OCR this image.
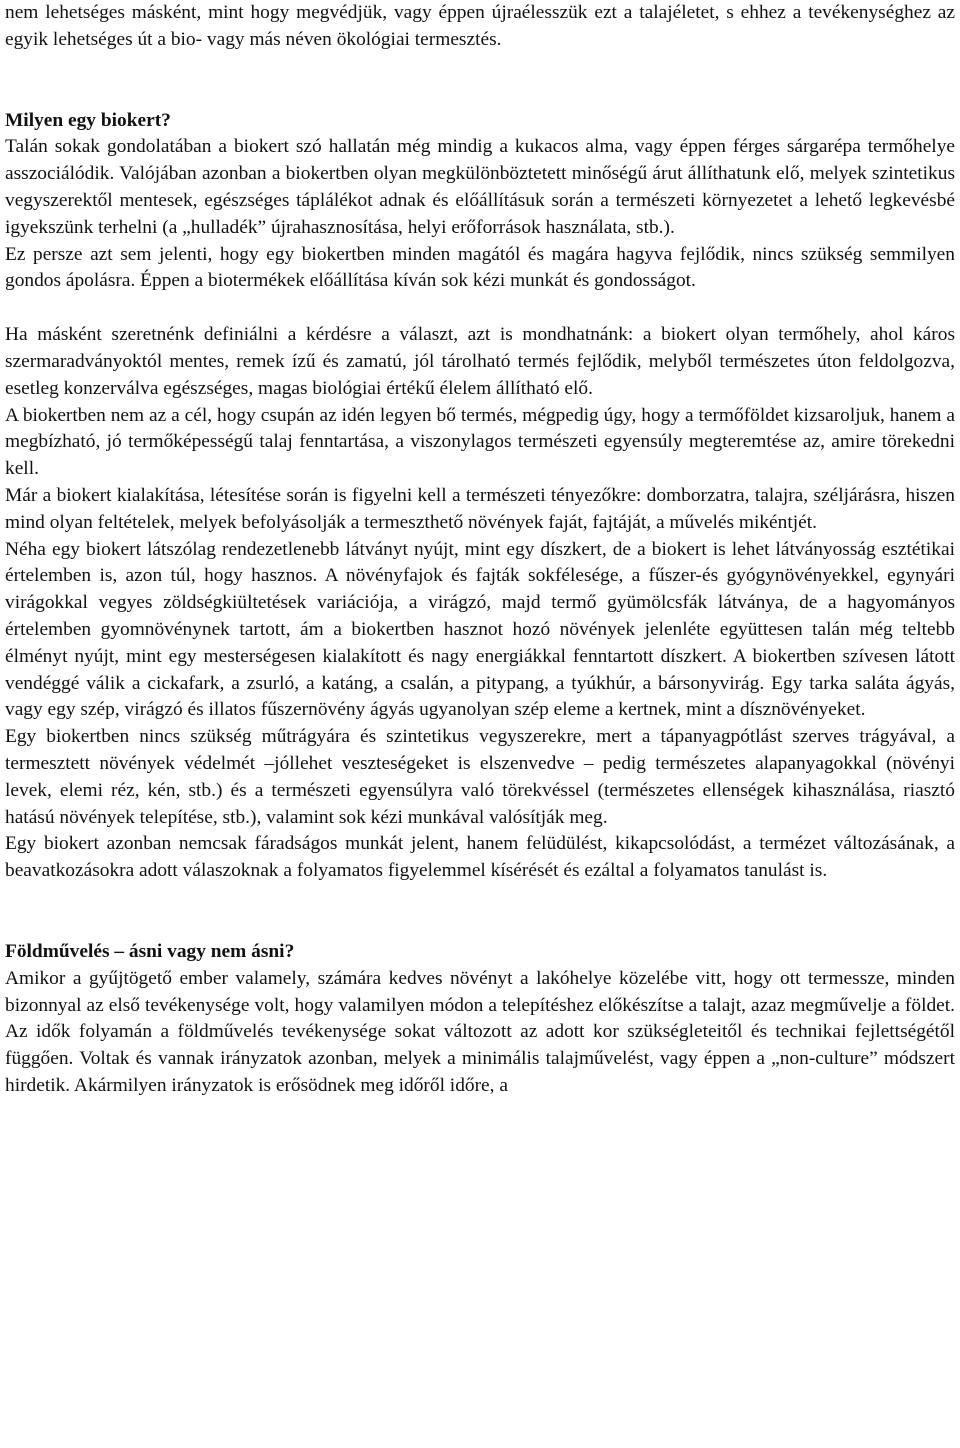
nem lehetséges másként, mint hogy megvédjük, vagy éppen újraélesszük ezt a talajéletet, s ehhez a tevékenységhez az egyik lehetséges út a bio- vagy más néven ökológiai termesztés.

Milyen egy biokert?

Talán sokak gondolatában a biokert szó hallatán még mindig a kukacos alma, vagy éppen férges sárgarépa termőhelye asszociálódik. Valójában azonban a biokertben olyan megkülönböztetett minőségű árut állíthatunk elő, melyek szintetikus vegyszerektől mentesek, egészséges táplálékot adnak és előállításuk során a természeti környezetet a lehető legkevésbé igyekszünk terhelni (a „hulladék” újrahasznosítása, helyi erőforrások használata, stb.).

Ez persze azt sem jelenti, hogy egy biokertben minden magától és magára hagyva fejlődik, nincs szükség semmilyen gondos ápolásra. Éppen a biotermékek előállítása kíván sok kézi munkát és gondosságot.

Ha másként szeretnénk definiálni a kérdésre a választ, azt is mondhatnánk: a biokert olyan termőhely, ahol káros szermaradványoktól mentes, remek ízű és zamatú, jól tárolható termés fejlődik, melyből természetes úton feldolgozva, esetleg konzerválva egészséges, magas biológiai értékű élelem állítható elő.

A biokertben nem az a cél, hogy csupán az idén legyen bő termés, mégpedig úgy, hogy a termőföldet kizsaroljuk, hanem a megbízható, jó termőképességű talaj fenntartása, a viszonylagos természeti egyensúly megteremtése az, amire törekedni kell.

Már a biokert kialakítása, létesítése során is figyelni kell a természeti tényezőkre: domborzatra, talajra, széljárásra, hiszen mind olyan feltételek, melyek befolyásolják a termeszthető növények faját, fajtáját, a művelés mikéntjét.

Néha egy biokert látszólag rendezetlenebb látványt nyújt, mint egy díszkert, de a biokert is lehet látványosság esztétikai értelemben is, azon túl, hogy hasznos. A növényfajok és fajták sokfélesége, a fűszer-és gyógynövényekkel, egynyári virágokkal vegyes zöldségkiültetések variációja, a virágzó, majd termő gyümölcsfák látványa, de a hagyományos értelemben gyomnövénynek tartott, ám a biokertben hasznot hozó növények jelenléte együttesen talán még teltebb élményt nyújt, mint egy mesterségesen kialakított és nagy energiákkal fenntartott díszkert. A biokertben szívesen látott vendéggé válik a cickafark, a zsurló, a katáng, a csalán, a pitypang, a tyúkhúr, a bársonyvirág. Egy tarka saláta ágyás, vagy egy szép, virágzó és illatos fűszernövény ágyás ugyanolyan szép eleme a kertnek, mint a dísznövényeket.

Egy biokertben nincs szükség műtrágyára és szintetikus vegyszerekre, mert a tápanyagpótlást szerves trágyával, a termesztett növények védelmét –jóllehet veszteségeket is elszenvedve – pedig természetes alapanyagokkal (növényi levek, elemi réz, kén, stb.) és a természeti egyensúlyra való törekvéssel (természetes ellenségek kihasználása, riasztó hatású növények telepítése, stb.), valamint sok kézi munkával valósítják meg.

Egy biokert azonban nemcsak fáradságos munkát jelent, hanem felüdülést, kikapcsolódást, a termézet változásának, a beavatkozásokra adott válaszoknak a folyamatos figyelemmel kísérését és ezáltal a folyamatos tanulást is.

Földművelés – ásni vagy nem ásni?

Amikor a gyűjtögető ember valamely, számára kedves növényt a lakóhelye közelébe vitt, hogy ott termessze, minden bizonnyal az első tevékenysége volt, hogy valamilyen módon a telepítéshez előkészítse a talajt, azaz megművelje a földet. Az idők folyamán a földművelés tevékenysége sokat változott az adott kor szükségleteitől és technikai fejlettségétől függően. Voltak és vannak irányzatok azonban, melyek a minimális talajművelést, vagy éppen a „non-culture” módszert hirdetik. Akármilyen irányzatok is erősödnek meg időről időre, a
